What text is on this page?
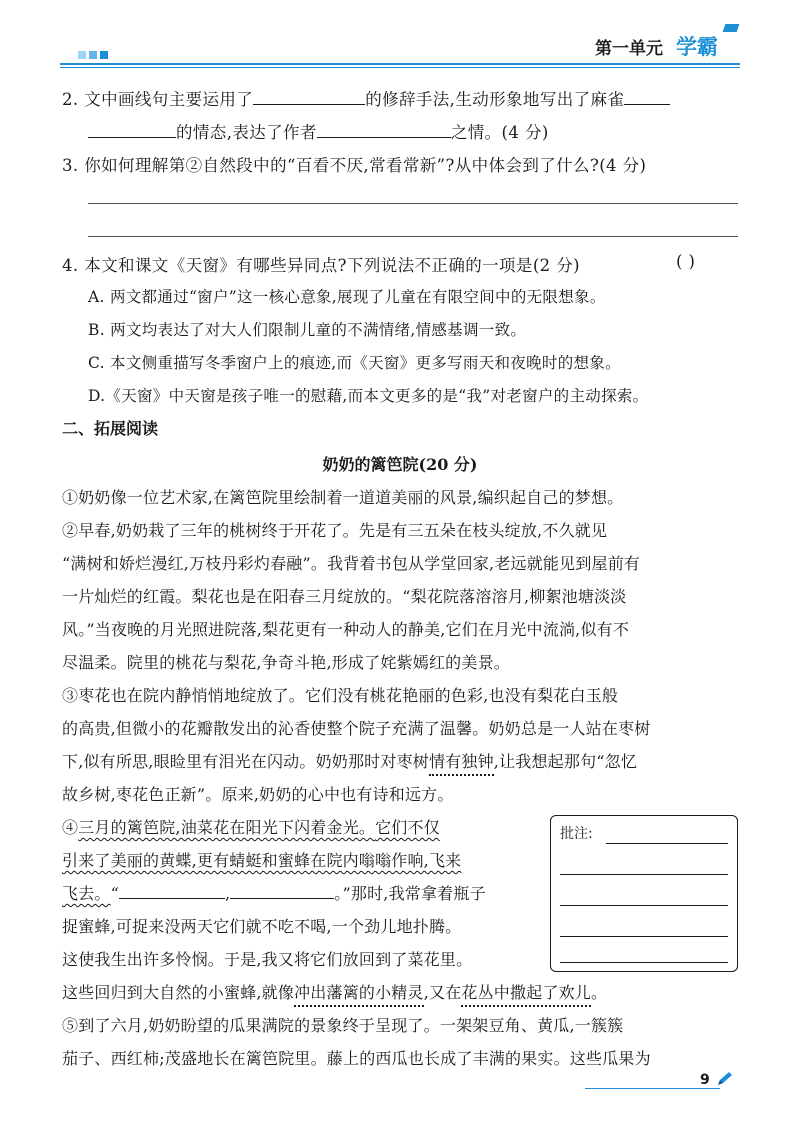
第一单元 学霸
2. 文中画线句主要运用了	的修辞手法,生动形象地写出了麻雀
的情态,表达了作者	之情。(4 分)
3. 你如何理解第②自然段中的“百看不厌,常看常新”?从中体会到了什么?(4 分)
4. 本文和课文《天窗》有哪些异同点?下列说法不正确的一项是(2 分)	( )
A. 两文都通过“窗户”这一核心意象,展现了儿童在有限空间中的无限想象。
B. 两文均表达了对大人们限制儿童的不满情绪,情感基调一致。
C. 本文侧重描写冬季窗户上的痕迹,而《天窗》更多写雨天和夜晚时的想象。
D.《天窗》中天窗是孩子唯一的慰藉,而本文更多的是“我”对老窗户的主动探索。
二、拓展阅读
奶奶的篱笆院(20 分)
①奶奶像一位艺术家,在篱笆院里绘制着一道道美丽的风景,编织起自己的梦想。
②早春,奶奶栽了三年的桃树终于开花了。先是有三五朵在枝头绽放,不久就见
“满树和娇烂漫红,万枝丹彩灼春融”。我背着书包从学堂回家,老远就能见到屋前有
一片灿烂的红霞。梨花也是在阳春三月绽放的。“梨花院落溶溶月,柳絮池塘淡淡
风。”当夜晚的月光照进院落,梨花更有一种动人的静美,它们在月光中流淌,似有不
尽温柔。院里的桃花与梨花,争奇斗艳,形成了姹紫嫣红的美景。
③枣花也在院内静悄悄地绽放了。它们没有桃花艳丽的色彩,也没有梨花白玉般
的高贵,但微小的花瓣散发出的沁香使整个院子充满了温馨。奶奶总是一人站在枣树
下,似有所思,眼睑里有泪光在闪动。奶奶那时对枣树情有独钟,让我想起那句“忽忆
故乡树,枣花色正新”。原来,奶奶的心中也有诗和远方。
④三月的篱笆院,油菜花在阳光下闪着金光。它们不仅
引来了美丽的黄蝶,更有蜻蜓和蜜蜂在院内嗡嗡作响,飞来
飞去。“	,	。”那时,我常拿着瓶子
捉蜜蜂,可捉来没两天它们就不吃不喝,一个劲儿地扑腾。
这使我生出许多怜悯。于是,我又将它们放回到了菜花里。
这些回归到大自然的小蜜蜂,就像冲出藩篱的小精灵,又在花丛中撒起了欢儿。
⑤到了六月,奶奶盼望的瓜果满院的景象终于呈现了。一架架豆角、黄瓜,一簇簇
茄子、西红柿;茂盛地长在篱笆院里。藤上的西瓜也长成了丰满的果实。这些瓜果为
批注:
9
